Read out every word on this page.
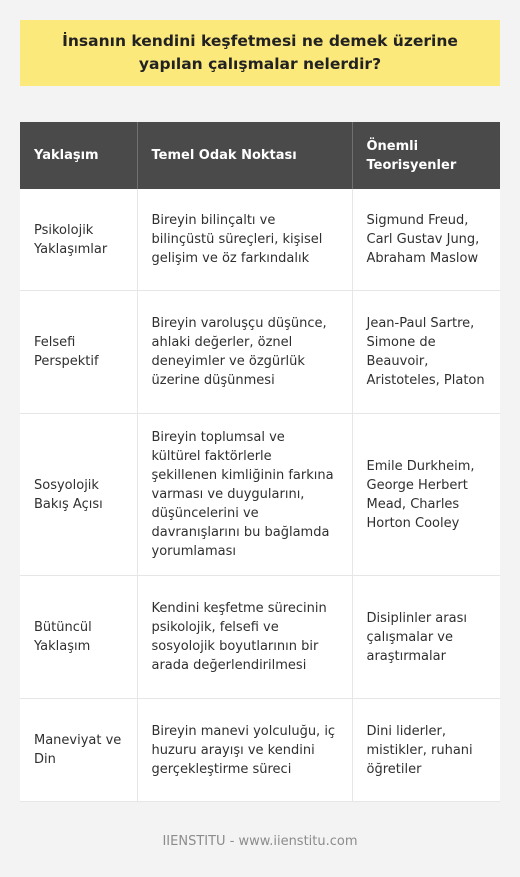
İnsanın kendini keşfetmesi ne demek üzerine yapılan çalışmalar nelerdir?
Yaklaşım	Temel Odak Noktası	Önemli Teorisyenler
Psikolojik Yaklaşımlar	Bireyin bilinçaltı ve bilinçüstü süreçleri, kişisel gelişim ve öz farkındalık	Sigmund Freud, Carl Gustav Jung, Abraham Maslow
Felsefi Perspektif	Bireyin varoluşçu düşünce, ahlaki değerler, öznel deneyimler ve özgürlük üzerine düşünmesi	Jean-Paul Sartre, Simone de Beauvoir, Aristoteles, Platon
Sosyolojik Bakış Açısı	Bireyin toplumsal ve kültürel faktörlerle şekillenen kimliğinin farkına varması ve duygularını, düşüncelerini ve davranışlarını bu bağlamda yorumlaması	Emile Durkheim, George Herbert Mead, Charles Horton Cooley
Bütüncül Yaklaşım	Kendini keşfetme sürecinin psikolojik, felsefi ve sosyolojik boyutlarının bir arada değerlendirilmesi	Disiplinler arası çalışmalar ve araştırmalar
Maneviyat ve Din	Bireyin manevi yolculuğu, iç huzuru arayışı ve kendini gerçekleştirme süreci	Dini liderler, mistikler, ruhani öğretiler
IIENSTITU - www.iienstitu.com
